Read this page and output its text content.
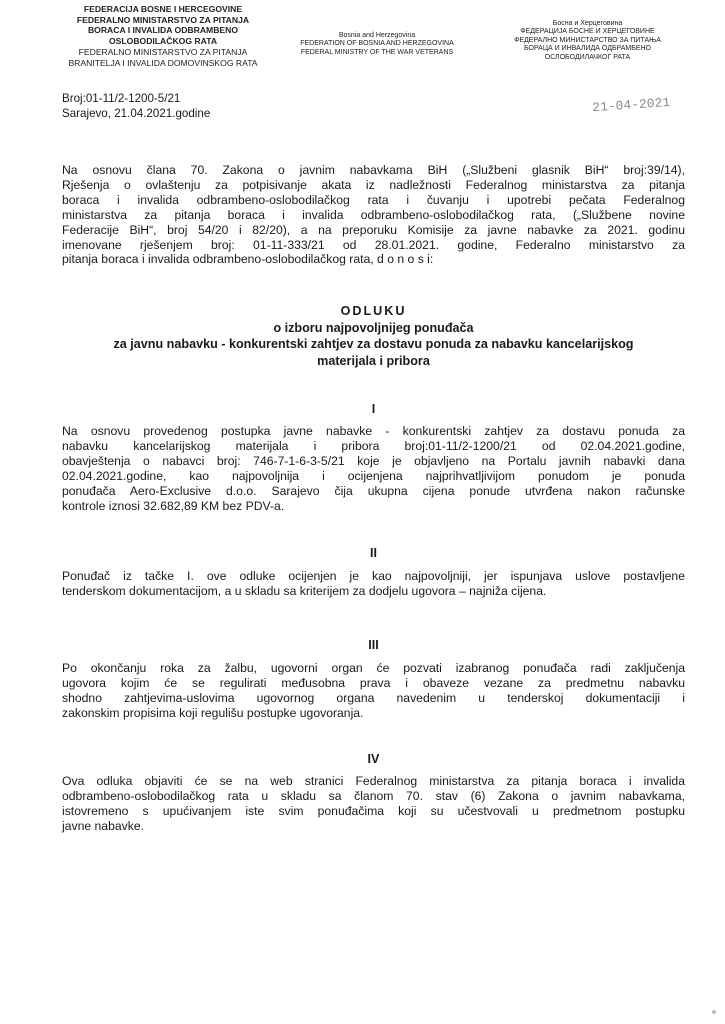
FEDERACIJA BOSNE I HERCEGOVINE
FEDERALNO MINISTARSTVO ZA PITANJA
BORACA I INVALIDA ODBRAMBENO
OSLOBODILAČKOG RATA
FEDERALNO MINISTARSTVO ZA PITANJA
BRANITELJA I INVALIDA DOMOVINSKOG RATA
Bosnia and Herzegovina
FEDERATION OF BOSNIA AND HERZEGOVINA
FEDERAL MINISTRY OF THE WAR VETERANS
Босна и Херцеговина
ФЕДЕРАЦИЈА БОСНЕ И ХЕРЦЕГОВИНЕ
ФЕДЕРАЛНО МИНИСТАРСТВО ЗА ПИТАЊА
БОРАЦА И ИНВАЛИДА ОДБРАМБЕНО
ОСЛОБОДИЛАЧКОГ РАТА
Broj:01-11/2-1200-5/21
Sarajevo, 21.04.2021.godine	21-04-2021
Na osnovu člana 70. Zakona o javnim nabavkama BiH („Službeni glasnik BiH“ broj:39/14),
Rješenja o ovlaštenju za potpisivanje akata iz nadležnosti Federalnog ministarstva za pitanja
boraca i invalida odbrambeno-oslobodilačkog rata i čuvanju i upotrebi pečata Federalnog
ministarstva za pitanja boraca i invalida odbrambeno-oslobodilačkog rata, („Službene novine
Federacije BiH“, broj 54/20 i 82/20), a na preporuku Komisije za javne nabavke za 2021. godinu
imenovane rješenjem broj: 01-11-333/21 od 28.01.2021. godine, Federalno ministarstvo za
pitanja boraca i invalida odbrambeno-oslobodilačkog rata, d o n o s i:
ODLUKU
o izboru najpovoljnijeg ponuđača
za javnu nabavku - konkurentski zahtjev za dostavu ponuda za nabavku kancelarijskog
materijala i pribora
I
Na osnovu provedenog postupka javne nabavke - konkurentski zahtjev za dostavu ponuda za
nabavku kancelarijskog materijala i pribora broj:01-11/2-1200/21 od 02.04.2021.godine,
obavještenja o nabavci broj: 746-7-1-6-3-5/21 koje je objavljeno na Portalu javnih nabavki dana
02.04.2021.godine, kao najpovoljnija i ocijenjena najprihvatljivijom ponudom je ponuda
ponuđača Aero-Exclusive d.o.o. Sarajevo čija ukupna cijena ponude utvrđena nakon računske
kontrole iznosi 32.682,89 KM bez PDV-a.
II
Ponuđač iz tačke I. ove odluke ocijenjen je kao najpovoljniji, jer ispunjava uslove postavljene
tenderskom dokumentacijom, a u skladu sa kriterijem za dodjelu ugovora – najniža cijena.
III
Po okončanju roka za žalbu, ugovorni organ će pozvati izabranog ponuđača radi zaključenja
ugovora kojim će se regulirati međusobna prava i obaveze vezane za predmetnu nabavku
shodno zahtjevima-uslovima ugovornog organa navedenim u tenderskoj dokumentaciji i
zakonskim propisima koji regulišu postupke ugovoranja.
IV
Ova odluka objaviti će se na web stranici Federalnog ministarstva za pitanja boraca i invalida
odbrambeno-oslobodilačkog rata u skladu sa članom 70. stav (6) Zakona o javnim nabavkama,
istovremeno s upućivanjem iste svim ponuđačima koji su učestvovali u predmetnom postupku
javne nabavke.
